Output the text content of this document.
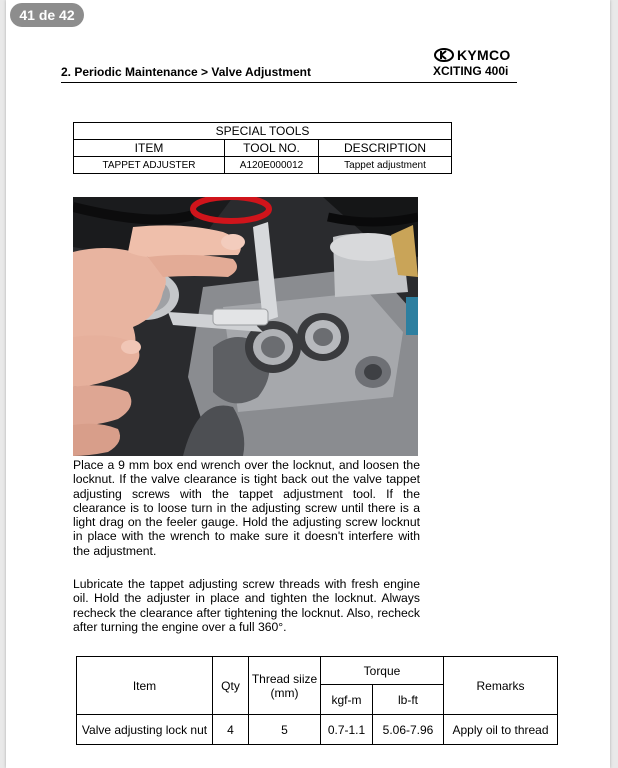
41 de 42
2. Periodic Maintenance > Valve Adjustment
KYMCO
XCITING 400i
SPECIAL TOOLS		
ITEM	TOOL NO.	DESCRIPTION
TAPPET ADJUSTER	A120E000012	Tappet adjustment

Place a 9 mm box end wrench over the locknut, and loosen the locknut. If the valve clearance is tight back out the valve tappet adjusting screws with the tappet adjustment tool. If the clearance is to loose turn in the adjusting screw until there is a light drag on the feeler gauge. Hold the adjusting screw locknut in place with the wrench to make sure it doesn't interfere with the adjustment.

Lubricate the tappet adjusting screw threads with fresh engine oil. Hold the adjuster in place and tighten the locknut. Always recheck the clearance after tightening the locknut. Also, recheck after turning the engine over a full 360°.

Item	Qty	Thread siize (mm)	Torque		Remarks
			kgf-m	lb-ft	
Valve adjusting lock nut	4	5	0.7-1.1	5.06-7.96	Apply oil to thread
